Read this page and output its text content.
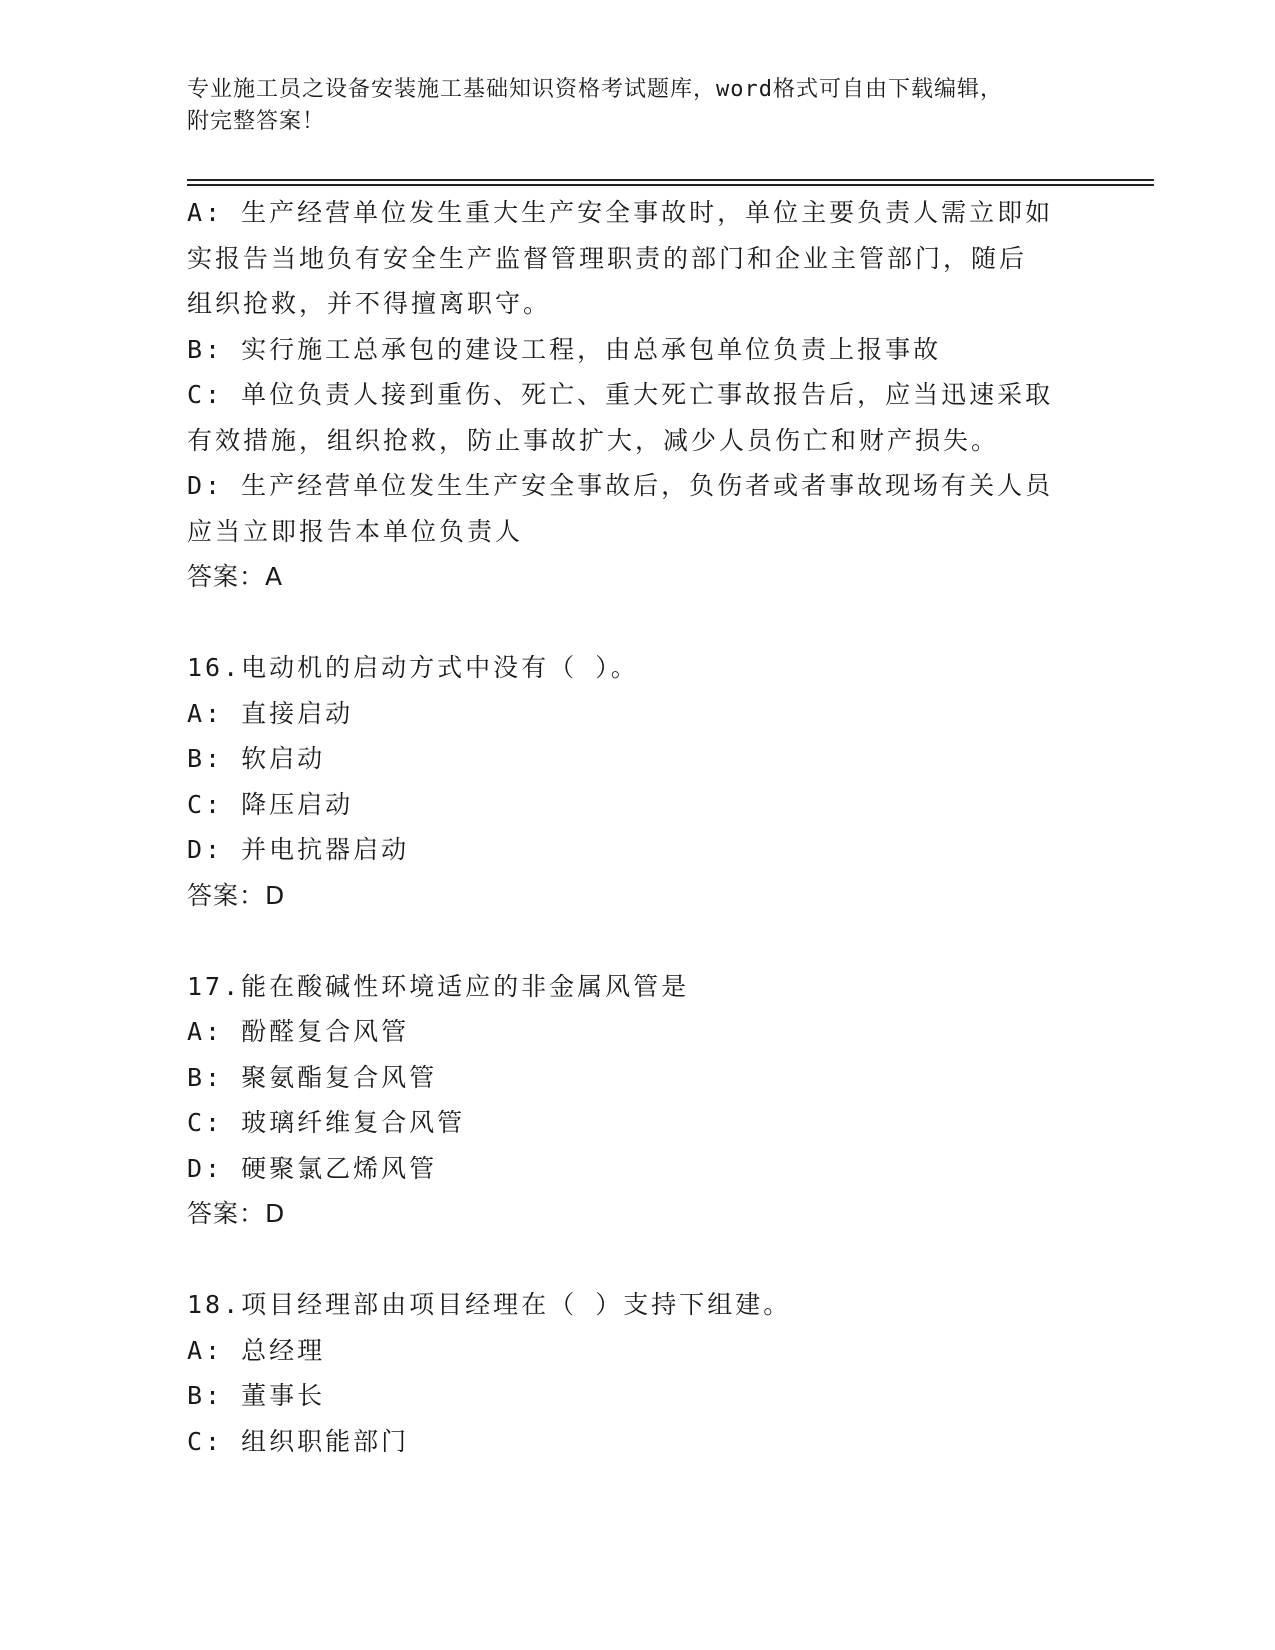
专业施工员之设备安装施工基础知识资格考试题库，word格式可自由下载编辑，
附完整答案！
A: 生产经营单位发生重大生产安全事故时，单位主要负责人需立即如
实报告当地负有安全生产监督管理职责的部门和企业主管部门，随后
组织抢救，并不得擅离职守。
B: 实行施工总承包的建设工程，由总承包单位负责上报事故
C: 单位负责人接到重伤、死亡、重大死亡事故报告后，应当迅速采取
有效措施，组织抢救，防止事故扩大，减少人员伤亡和财产损失。
D: 生产经营单位发生生产安全事故后，负伤者或者事故现场有关人员
应当立即报告本单位负责人
答案：A
16.电动机的启动方式中没有（ ）。
A: 直接启动
B: 软启动
C: 降压启动
D: 并电抗器启动
答案：D
17.能在酸碱性环境适应的非金属风管是
A: 酚醛复合风管
B: 聚氨酯复合风管
C: 玻璃纤维复合风管
D: 硬聚氯乙烯风管
答案：D
18.项目经理部由项目经理在（ ）支持下组建。
A: 总经理
B: 董事长
C: 组织职能部门
